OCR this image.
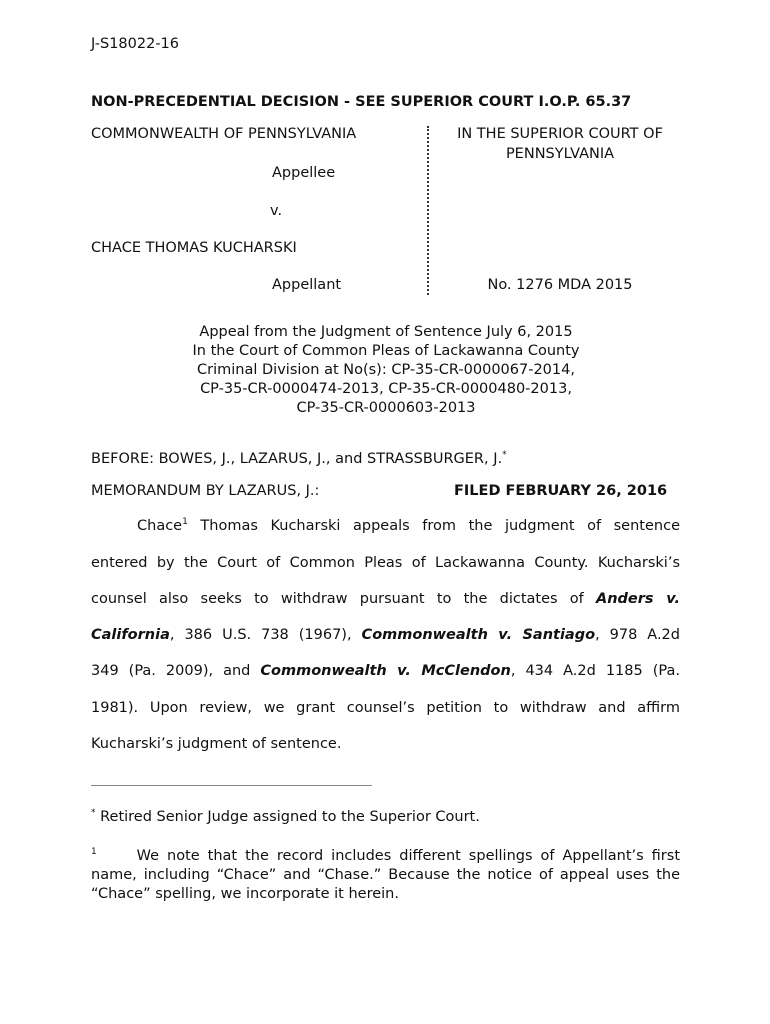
J-S18022-16
NON-PRECEDENTIAL DECISION - SEE SUPERIOR COURT I.O.P. 65.37
COMMONWEALTH OF PENNSYLVANIA
Appellee
v.
CHACE THOMAS KUCHARSKI
Appellant
IN THE SUPERIOR COURT OF
PENNSYLVANIA
No. 1276 MDA 2015
Appeal from the Judgment of Sentence July 6, 2015
In the Court of Common Pleas of Lackawanna County
Criminal Division at No(s): CP-35-CR-0000067-2014,
CP-35-CR-0000474-2013, CP-35-CR-0000480-2013,
CP-35-CR-0000603-2013
BEFORE: BOWES, J., LAZARUS, J., and STRASSBURGER, J.*
MEMORANDUM BY LAZARUS, J.:	FILED FEBRUARY 26, 2016
Chace$^1$ Thomas Kucharski appeals from the judgment of sentence
entered by the Court of Common Pleas of Lackawanna County. Kucharski’s
counsel also seeks to withdraw pursuant to the dictates of Anders v.
California, 386 U.S. 738 (1967), Commonwealth v. Santiago, 978 A.2d
349 (Pa. 2009), and Commonwealth v. McClendon, 434 A.2d 1185 (Pa.
1981). Upon review, we grant counsel’s petition to withdraw and affirm
Kucharski’s judgment of sentence.
* Retired Senior Judge assigned to the Superior Court.
$^1$	We note that the record includes different spellings of Appellant’s first
name, including “Chace” and “Chase.” Because the notice of appeal uses the
“Chace” spelling, we incorporate it herein.
